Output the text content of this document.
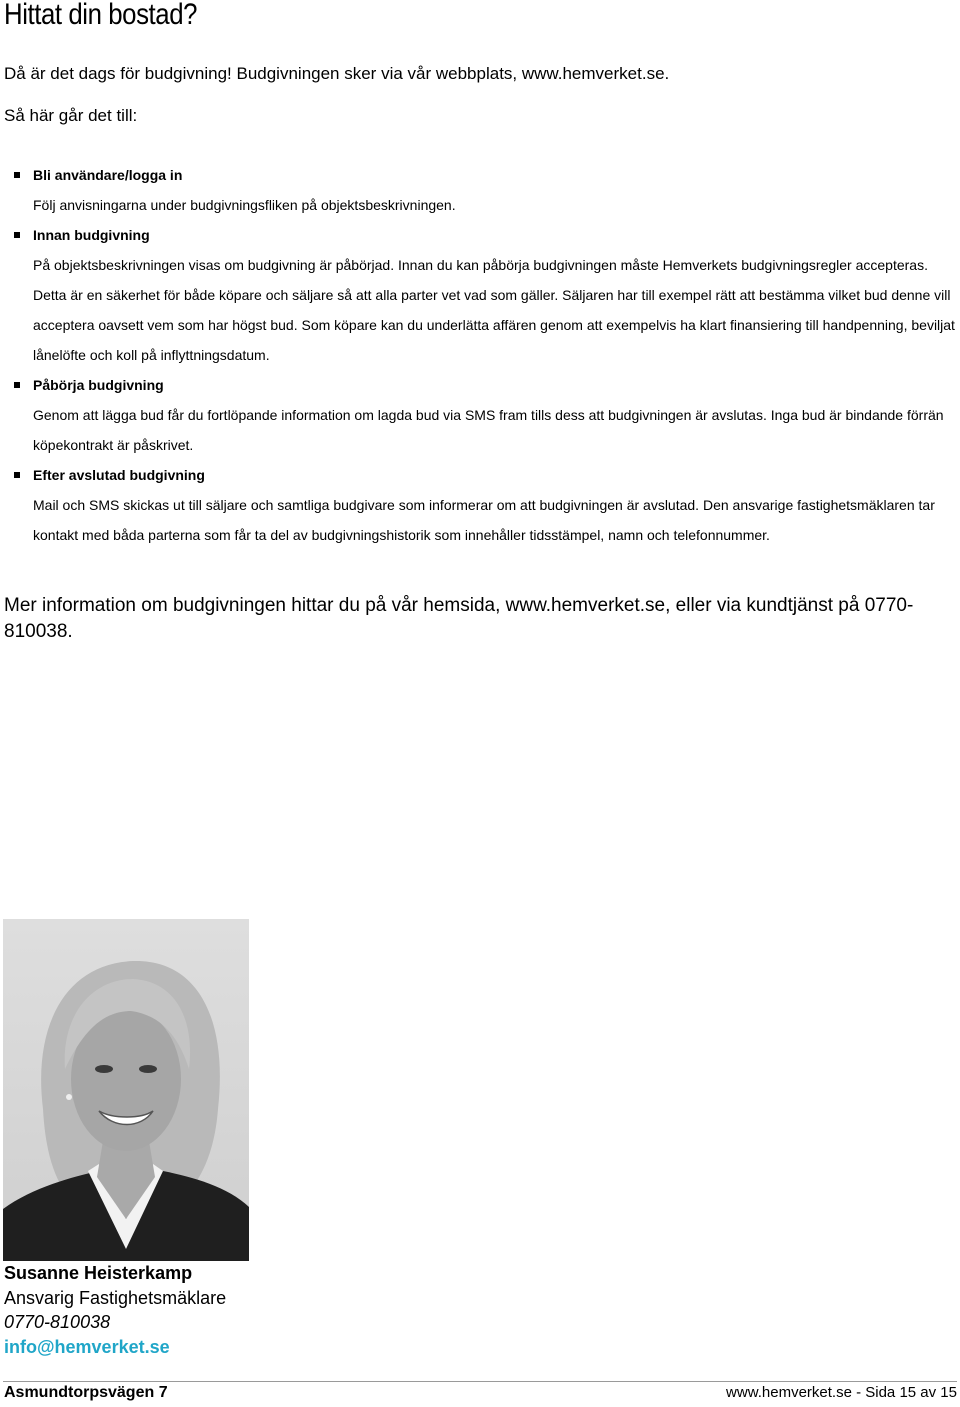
Hittat din bostad?
Då är det dags för budgivning! Budgivningen sker via vår webbplats, www.hemverket.se.
Så här går det till:
Bli användare/logga in

Följ anvisningarna under budgivningsfliken på objektsbeskrivningen.

Innan budgivning

På objektsbeskrivningen visas om budgivning är påbörjad. Innan du kan påbörja budgivningen måste Hemverkets budgivningsregler accepteras. Detta är en säkerhet för både köpare och säljare så att alla parter vet vad som gäller. Säljaren har till exempel rätt att bestämma vilket bud denne vill acceptera oavsett vem som har högst bud. Som köpare kan du underlätta affären genom att exempelvis ha klart finansiering till handpenning, beviljat lånelöfte och koll på inflyttningsdatum.

Påbörja budgivning

Genom att lägga bud får du fortlöpande information om lagda bud via SMS fram tills dess att budgivningen är avslutas. Inga bud är bindande förrän köpekontrakt är påskrivet.

Efter avslutad budgivning

Mail och SMS skickas ut till säljare och samtliga budgivare som informerar om att budgivningen är avslutad. Den ansvarige fastighetsmäklaren tar kontakt med båda parterna som får ta del av budgivningshistorik som innehåller tidsstämpel, namn och telefonnummer.

Mer information om budgivningen hittar du på vår hemsida, www.hemverket.se, eller via kundtjänst på 0770-810038.

Susanne Heisterkamp
Ansvarig Fastighetsmäklare
0770-810038
info@hemverket.se
Asmundtorpsvägen 7	www.hemverket.se - Sida 15 av 15
